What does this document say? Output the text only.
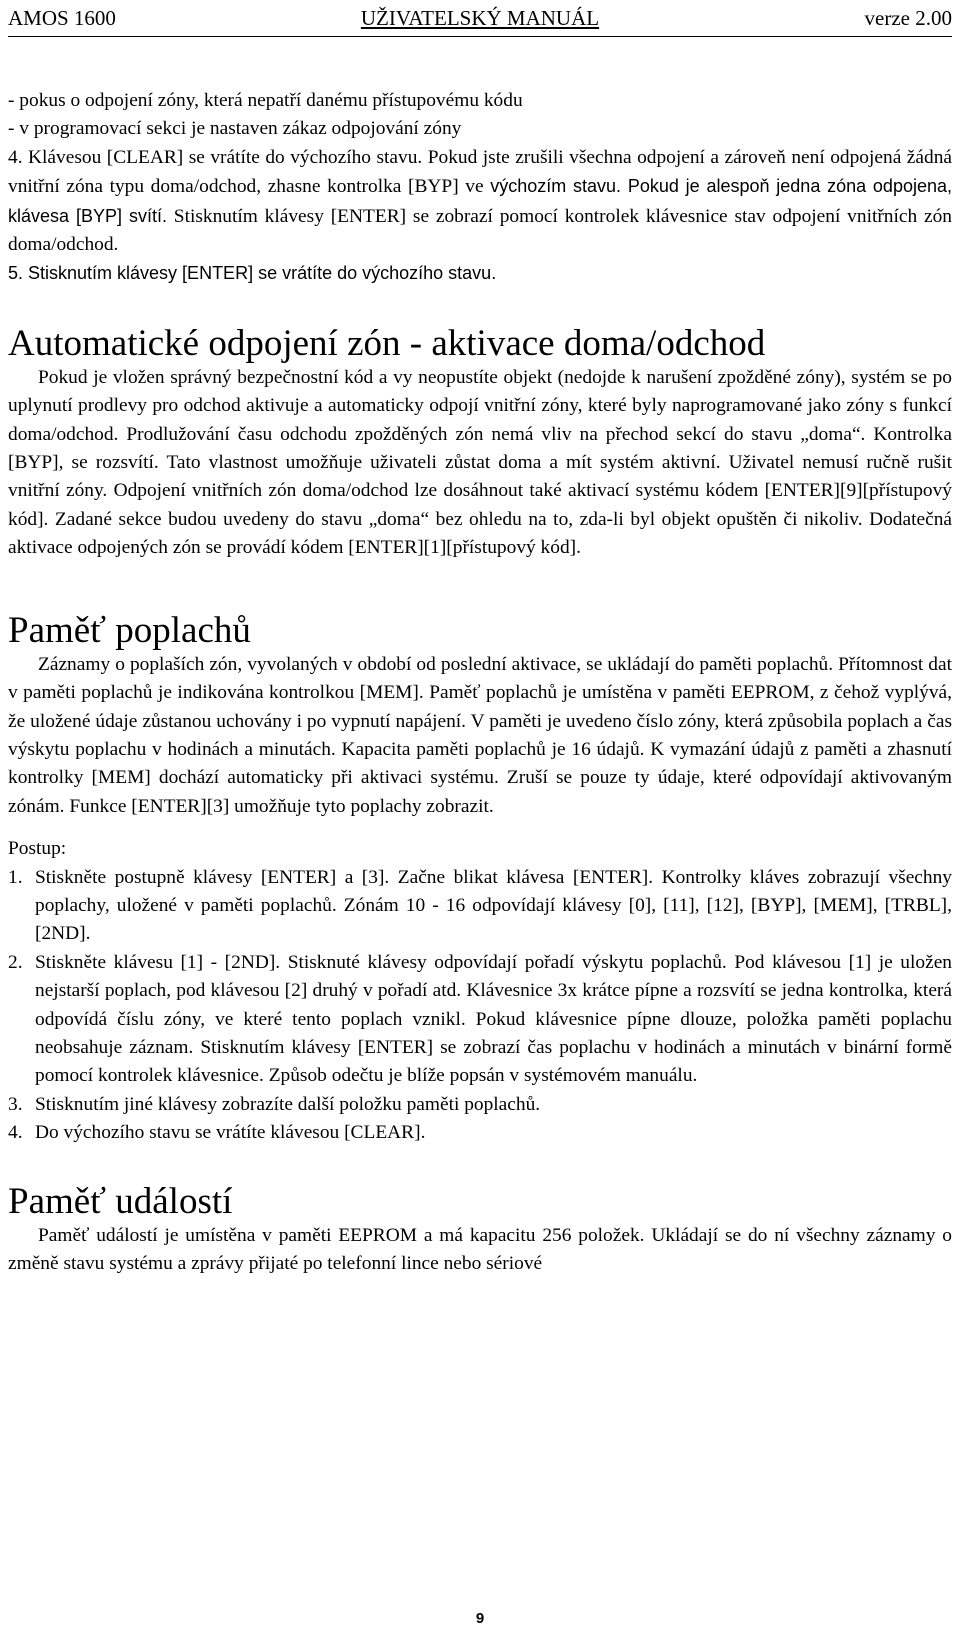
AMOS 1600	UŽIVATELSKÝ MANUÁL	verze 2.00

- pokus o odpojení zóny, která nepatří danému přístupovému kódu

- v programovací sekci je nastaven zákaz odpojování zóny

4. Klávesou [CLEAR] se vrátíte do výchozího stavu. Pokud jste zrušili všechna odpojení a zároveň není odpojená žádná vnitřní zóna typu doma/odchod, zhasne kontrolka [BYP] ve výchozím stavu. Pokud je alespoň jedna zóna odpojena, klávesa [BYP] svítí. Stisknutím klávesy [ENTER] se zobrazí pomocí kontrolek klávesnice stav odpojení vnitřních zón doma/odchod.

5. Stisknutím klávesy [ENTER] se vrátíte do výchozího stavu.

Automatické odpojení zón - aktivace doma/odchod

Pokud je vložen správný bezpečnostní kód a vy neopustíte objekt (nedojde k narušení zpožděné zóny), systém se po uplynutí prodlevy pro odchod aktivuje a automaticky odpojí vnitřní zóny, které byly naprogramované jako zóny s funkcí doma/odchod. Prodlužování času odchodu zpožděných zón nemá vliv na přechod sekcí do stavu „doma“. Kontrolka [BYP], se rozsvítí. Tato vlastnost umožňuje uživateli zůstat doma a mít systém aktivní. Uživatel nemusí ručně rušit vnitřní zóny. Odpojení vnitřních zón doma/odchod lze dosáhnout také aktivací systému kódem [ENTER][9][přístupový kód]. Zadané sekce budou uvedeny do stavu „doma“ bez ohledu na to, zda-li byl objekt opuštěn či nikoliv. Dodatečná aktivace odpojených zón se provádí kódem [ENTER][1][přístupový kód].

Paměť poplachů

Záznamy o poplaších zón, vyvolaných v období od poslední aktivace, se ukládají do paměti poplachů. Přítomnost dat v paměti poplachů je indikována kontrolkou [MEM]. Paměť poplachů je umístěna v paměti EEPROM, z čehož vyplývá, že uložené údaje zůstanou uchovány i po vypnutí napájení. V paměti je uvedeno číslo zóny, která způsobila poplach a čas výskytu poplachu v hodinách a minutách. Kapacita paměti poplachů je 16 údajů. K vymazání údajů z paměti a zhasnutí kontrolky [MEM] dochází automaticky při aktivaci systému. Zruší se pouze ty údaje, které odpovídají aktivovaným zónám. Funkce [ENTER][3] umožňuje tyto poplachy zobrazit.

Postup:

1. Stiskněte postupně klávesy [ENTER] a [3]. Začne blikat klávesa [ENTER]. Kontrolky kláves zobrazují všechny poplachy, uložené v paměti poplachů. Zónám 10 - 16 odpovídají klávesy [0], [11], [12], [BYP], [MEM], [TRBL], [2ND].
2. Stiskněte klávesu [1] - [2ND]. Stisknuté klávesy odpovídají pořadí výskytu poplachů. Pod klávesou [1] je uložen nejstarší poplach, pod klávesou [2] druhý v pořadí atd. Klávesnice 3x krátce pípne a rozsvítí se jedna kontrolka, která odpovídá číslu zóny, ve které tento poplach vznikl. Pokud klávesnice pípne dlouze, položka paměti poplachu neobsahuje záznam. Stisknutím klávesy [ENTER] se zobrazí čas poplachu v hodinách a minutách v binární formě pomocí kontrolek klávesnice. Způsob odečtu je blíže popsán v systémovém manuálu.
3. Stisknutím jiné klávesy zobrazíte další položku paměti poplachů.
4. Do výchozího stavu se vrátíte klávesou [CLEAR].
Paměť událostí

Paměť událostí je umístěna v paměti EEPROM a má kapacitu 256 položek. Ukládají se do ní všechny záznamy o změně stavu systému a zprávy přijaté po telefonní lince nebo sériové

9
